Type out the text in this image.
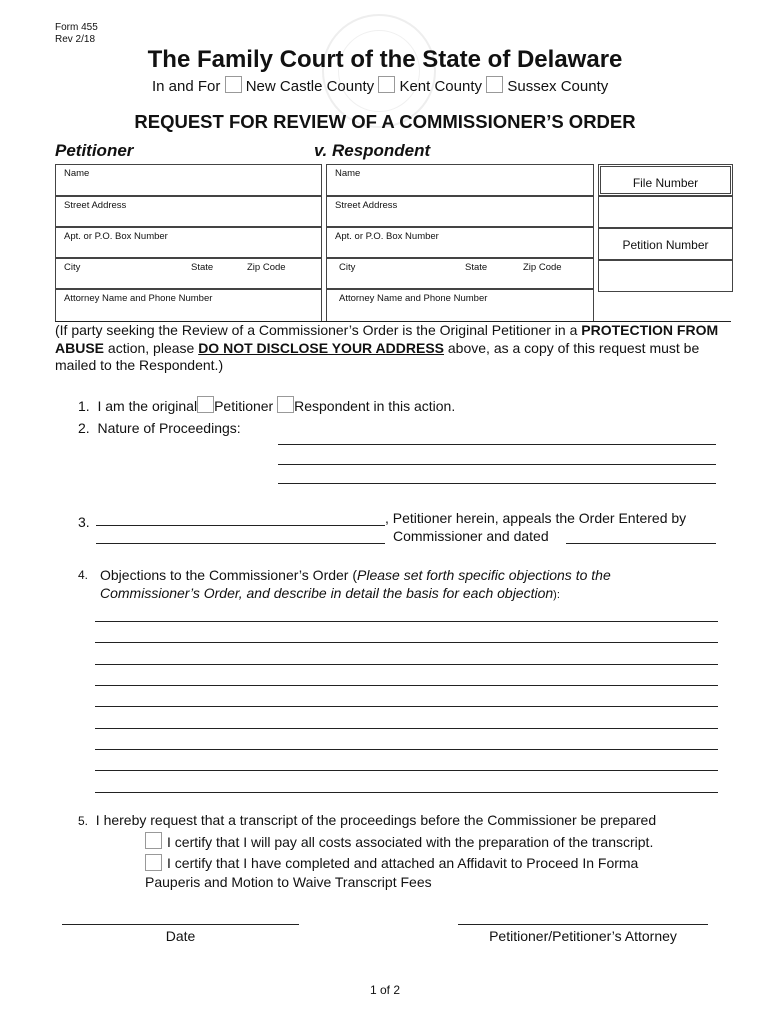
Form 455
Rev 2/18
The Family Court of the State of Delaware
In and For New Castle County Kent County Sussex County
REQUEST FOR REVIEW OF A COMMISSIONER’S ORDER
Petitioner	v. Respondent
Name
Street Address
Apt. or P.O. Box Number
City	State	Zip Code
Attorney Name and Phone Number
Name
Street Address
Apt. or P.O. Box Number
City	State	Zip Code
Attorney Name and Phone Number
File Number
Petition Number
(If party seeking the Review of a Commissioner’s Order is the Original Petitioner in a PROTECTION FROM ABUSE action, please DO NOT DISCLOSE YOUR ADDRESS above, as a copy of this request must be mailed to the Respondent.)
1. I am the original Petitioner Respondent in this action.
2. Nature of Proceedings:
3.	, Petitioner herein, appeals the Order Entered by
Commissioner and dated
4. Objections to the Commissioner’s Order (Please set forth specific objections to the Commissioner’s Order, and describe in detail the basis for each objection):
5. I hereby request that a transcript of the proceedings before the Commissioner be prepared
I certify that I will pay all costs associated with the preparation of the transcript.
I certify that I have completed and attached an Affidavit to Proceed In Forma
Pauperis and Motion to Waive Transcript Fees
Date	Petitioner/Petitioner’s Attorney
1 of 2
